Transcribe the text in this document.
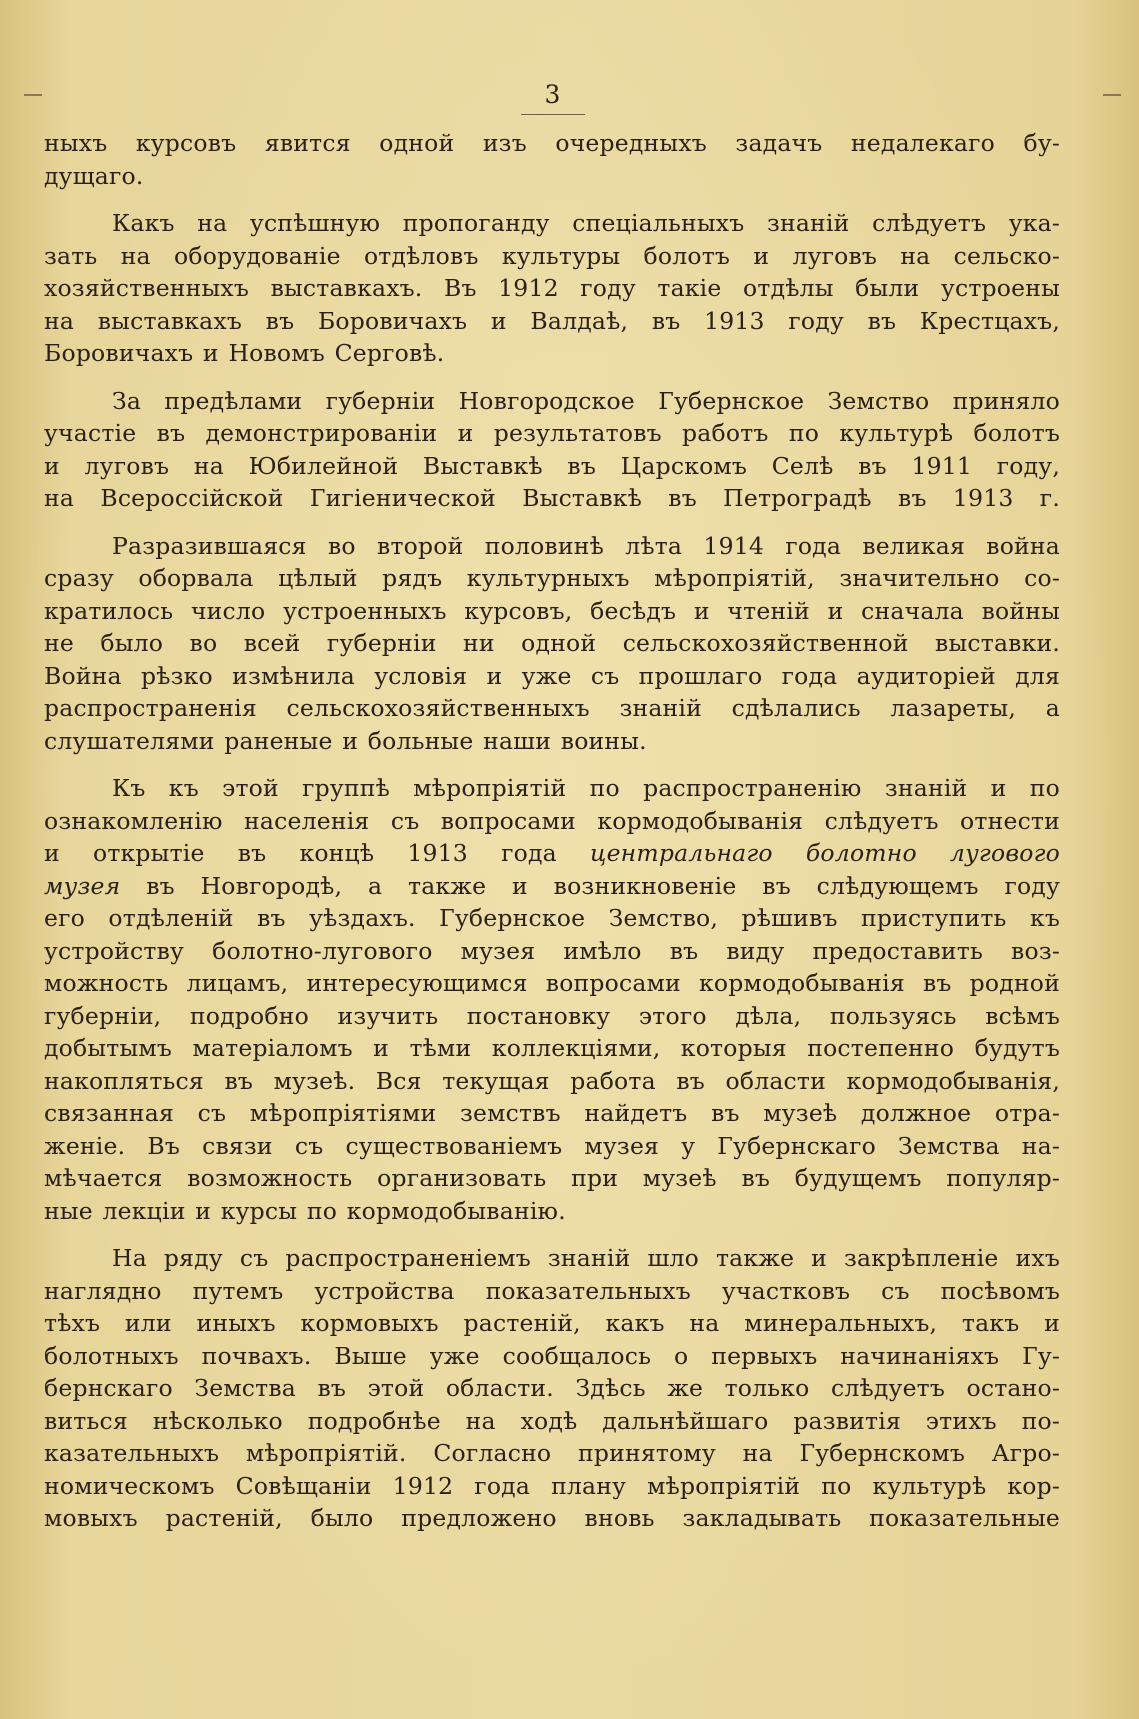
3
ныхъ курсовъ явится одной изъ очередныхъ задачъ недалекаго бу-
дущаго.
Какъ на успѣшную пропоганду спеціальныхъ знаній слѣдуетъ ука-
зать на оборудованіе отдѣловъ культуры болотъ и луговъ на сельско-
хозяйственныхъ выставкахъ. Въ 1912 году такіе отдѣлы были устроены
на выставкахъ въ Боровичахъ и Валдаѣ, въ 1913 году въ Крестцахъ,
Боровичахъ и Новомъ Серговѣ.
За предѣлами губерніи Новгородское Губернское Земство приняло
участіе въ демонстрированіи и результатовъ работъ по культурѣ болотъ
и луговъ на Юбилейной Выставкѣ въ Царскомъ Селѣ въ 1911 году,
на Всероссійской Гигіенической Выставкѣ въ Петроградѣ въ 1913 г.
Разразившаяся во второй половинѣ лѣта 1914 года великая война
сразу оборвала цѣлый рядъ культурныхъ мѣропріятій, значительно со-
кратилось число устроенныхъ курсовъ, бесѣдъ и чтеній и сначала войны
не было во всей губерніи ни одной сельскохозяйственной выставки.
Война рѣзко измѣнила условія и уже съ прошлаго года аудиторіей для
распространенія сельскохозяйственныхъ знаній сдѣлались лазареты, а
слушателями раненые и больные наши воины.
Къ къ этой группѣ мѣропріятій по распространенію знаній и по
ознакомленію населенія съ вопросами кормодобыванія слѣдуетъ отнести
и открытіе въ концѣ 1913 года центральнаго болотно лугового
музея въ Новгородѣ, а также и возникновеніе въ слѣдующемъ году
его отдѣленій въ уѣздахъ. Губернское Земство, рѣшивъ приступить къ
устройству болотно-лугового музея имѣло въ виду предоставить воз-
можность лицамъ, интересующимся вопросами кормодобыванія въ родной
губерніи, подробно изучить постановку этого дѣла, пользуясь всѣмъ
добытымъ матеріаломъ и тѣми коллекціями, которыя постепенно будутъ
накопляться въ музеѣ. Вся текущая работа въ области кормодобыванія,
связанная съ мѣропріятіями земствъ найдетъ въ музеѣ должное отра-
женіе. Въ связи съ существованіемъ музея у Губернскаго Земства на-
мѣчается возможность организовать при музеѣ въ будущемъ популяр-
ные лекціи и курсы по кормодобыванію.
На ряду съ распространеніемъ знаній шло также и закрѣпленіе ихъ
наглядно путемъ устройства показательныхъ участковъ съ посѣвомъ
тѣхъ или иныхъ кормовыхъ растеній, какъ на минеральныхъ, такъ и
болотныхъ почвахъ. Выше уже сообщалось о первыхъ начинаніяхъ Гу-
бернскаго Земства въ этой области. Здѣсь же только слѣдуетъ остано-
виться нѣсколько подробнѣе на ходѣ дальнѣйшаго развитія этихъ по-
казательныхъ мѣропріятій. Согласно принятому на Губернскомъ Агро-
номическомъ Совѣщаніи 1912 года плану мѣропріятій по культурѣ кор-
мовыхъ растеній, было предложено вновь закладывать показательные
